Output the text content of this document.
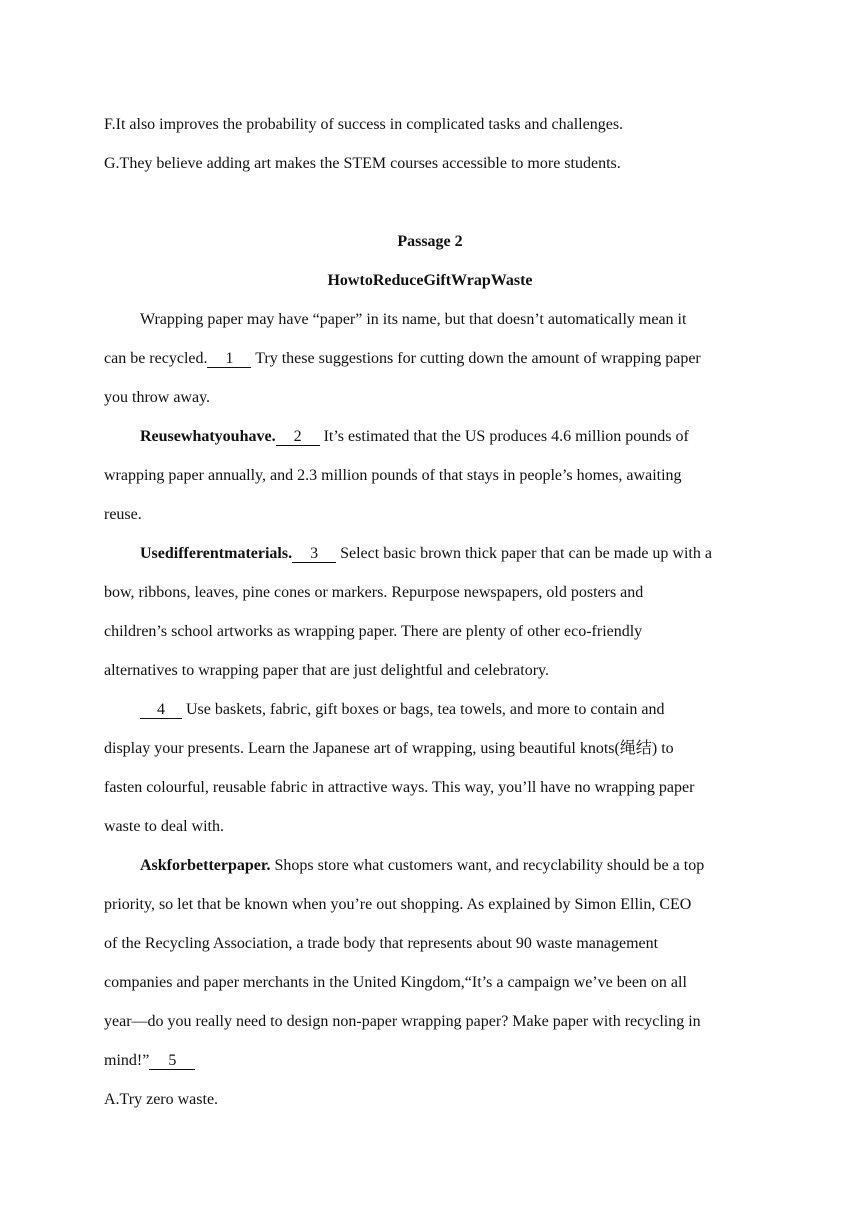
F.It also improves the probability of success in complicated tasks and challenges.
G.They believe adding art makes the STEM courses accessible to more students.
Passage 2
HowtoReduceGiftWrapWaste
Wrapping paper may have “paper” in its name, but that doesn’t automatically mean it
can be recycled. 1 Try these suggestions for cutting down the amount of wrapping paper
you throw away.
Reusewhatyouhave. 2 It’s estimated that the US produces 4.6 million pounds of
wrapping paper annually, and 2.3 million pounds of that stays in people’s homes, awaiting
reuse.
Usedifferentmaterials. 3 Select basic brown thick paper that can be made up with a
bow, ribbons, leaves, pine cones or markers. Repurpose newspapers, old posters and
children’s school artworks as wrapping paper. There are plenty of other eco-friendly
alternatives to wrapping paper that are just delightful and celebratory.
4 Use baskets, fabric, gift boxes or bags, tea towels, and more to contain and
display your presents. Learn the Japanese art of wrapping, using beautiful knots(绳结) to
fasten colourful, reusable fabric in attractive ways. This way, you’ll have no wrapping paper
waste to deal with.
Askforbetterpaper. Shops store what customers want, and recyclability should be a top
priority, so let that be known when you’re out shopping. As explained by Simon Ellin, CEO
of the Recycling Association, a trade body that represents about 90 waste management
companies and paper merchants in the United Kingdom,“It’s a campaign we’ve been on all
year—do you really need to design non-paper wrapping paper? Make paper with recycling in
mind!” 5
A.Try zero waste.
